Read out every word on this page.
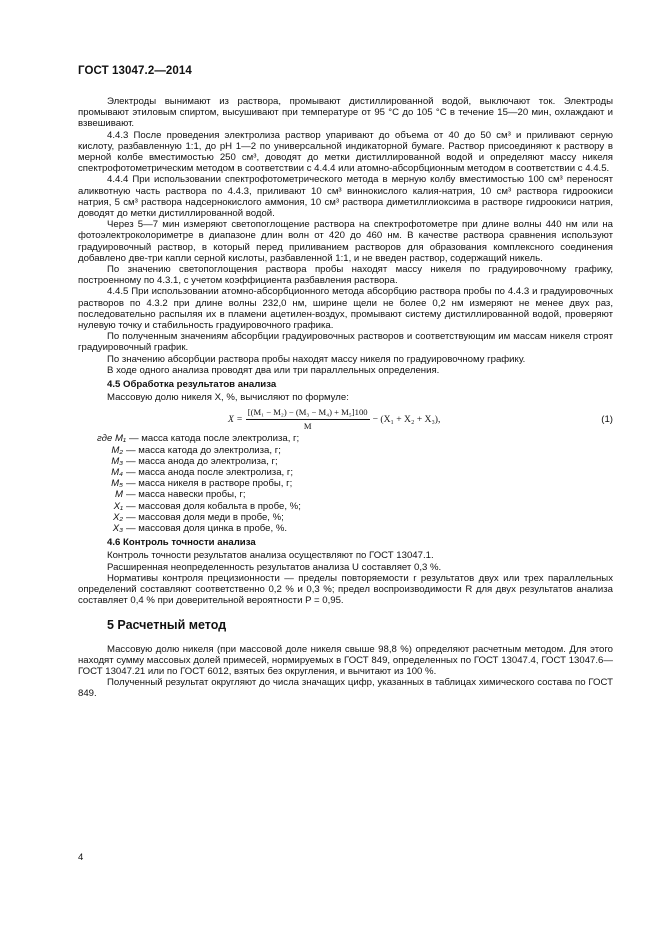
ГОСТ 13047.2—2014

Электроды вынимают из раствора, промывают дистиллированной водой, выключают ток. Электроды промывают этиловым спиртом, высушивают при температуре от 95 °С до 105 °С в течение 15—20 мин, охлаждают и взвешивают.

4.4.3 После проведения электролиза раствор упаривают до объема от 40 до 50 см³ и приливают серную кислоту, разбавленную 1:1, до рН 1—2 по универсальной индикаторной бумаге. Раствор присоединяют к раствору в мерной колбе вместимостью 250 см³, доводят до метки дистиллированной водой и определяют массу никеля спектрофотометрическим методом в соответствии с 4.4.4 или атомно-абсорбционным методом в соответствии с 4.4.5.

4.4.4 При использовании спектрофотометрического метода в мерную колбу вместимостью 100 см³ переносят аликвотную часть раствора по 4.4.3, приливают 10 см³ виннокислого калия-натрия, 10 см³ раствора гидроокиси натрия, 5 см³ раствора надсернокислого аммония, 10 см³ раствора диметилглиоксима в растворе гидроокиси натрия, доводят до метки дистиллированной водой.

Через 5—7 мин измеряют светопоглощение раствора на спектрофотометре при длине волны 440 нм или на фотоэлектроколориметре в диапазоне длин волн от 420 до 460 нм. В качестве раствора сравнения используют градуировочный раствор, в который перед приливанием растворов для образования комплексного соединения добавлено две-три капли серной кислоты, разбавленной 1:1, и не введен раствор, содержащий никель.

По значению светопоглощения раствора пробы находят массу никеля по градуировочному графику, построенному по 4.3.1, с учетом коэффициента разбавления раствора.

4.4.5 При использовании атомно-абсорбционного метода абсорбцию раствора пробы по 4.4.3 и градуировочных растворов по 4.3.2 при длине волны 232,0 нм, ширине щели не более 0,2 нм измеряют не менее двух раз, последовательно распыляя их в пламени ацетилен-воздух, промывают систему дистиллированной водой, проверяют нулевую точку и стабильность градуировочного графика.

По полученным значениям абсорбции градуировочных растворов и соответствующим им массам никеля строят градуировочный график.

По значению абсорбции раствора пробы находят массу никеля по градуировочному графику.

В ходе одного анализа проводят два или три параллельных определения.

4.5 Обработка результатов анализа

Массовую долю никеля X, %, вычисляют по формуле:

$X = \frac{\text{[(M₁ − M₂) − (M₃ − M₄) + M₅]100}}{M} - (X_1 + X_2 + X_3)$,	(1)
где M₁ — масса катода после электролиза, г;
M₂ — масса катода до электролиза, г;
M₃ — масса анода до электролиза, г;
M₄ — масса анода после электролиза, г;
M₅ — масса никеля в растворе пробы, г;
M — масса навески пробы, г;
X₁ — массовая доля кобальта в пробе, %;
X₂ — массовая доля меди в пробе, %;
X₃ — массовая доля цинка в пробе, %.
4.6 Контроль точности анализа

Контроль точности результатов анализа осуществляют по ГОСТ 13047.1.

Расширенная неопределенность результатов анализа U составляет 0,3 %.

Нормативы контроля прецизионности — пределы повторяемости r результатов двух или трех параллельных определений составляют соответственно 0,2 % и 0,3 %; предел воспроизводимости R для двух результатов анализа составляет 0,4 % при доверительной вероятности P = 0,95.

5 Расчетный метод

Массовую долю никеля (при массовой доле никеля свыше 98,8 %) определяют расчетным методом. Для этого находят сумму массовых долей примесей, нормируемых в ГОСТ 849, определенных по ГОСТ 13047.4, ГОСТ 13047.6—ГОСТ 13047.21 или по ГОСТ 6012, взятых без округления, и вычитают из 100 %.

Полученный результат округляют до числа значащих цифр, указанных в таблицах химического состава по ГОСТ 849.

4
